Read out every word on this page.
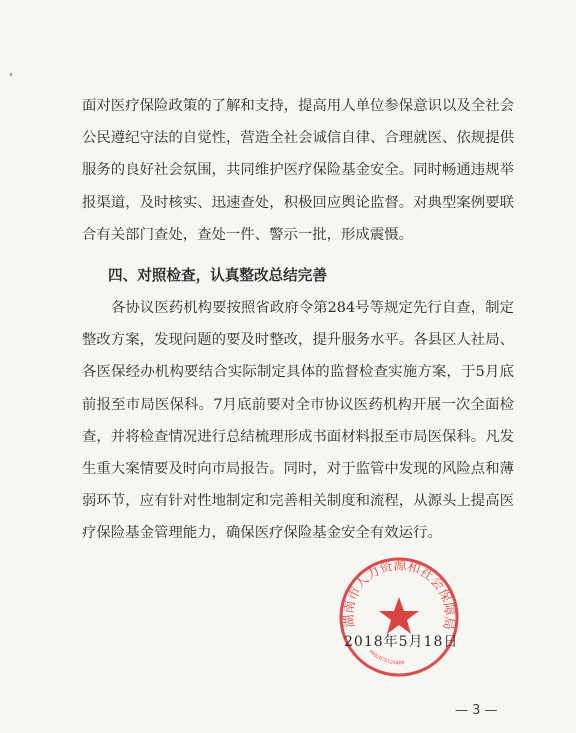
面对医疗保险政策的了解和支持，提高用人单位参保意识以及全社会公民遵纪守法的自觉性，营造全社会诚信自律、合理就医、依规提供服务的良好社会氛围，共同维护医疗保险基金安全。同时畅通违规举报渠道，及时核实、迅速查处，积极回应舆论监督。对典型案例要联合有关部门查处，查处一件、警示一批，形成震慑。
四、对照检查，认真整改总结完善
各协议医药机构要按照省政府令第284号等规定先行自查，制定整改方案，发现问题的要及时整改，提升服务水平。各县区人社局、各医保经办机构要结合实际制定具体的监督检查实施方案，于5月底前报至市局医保科。7月底前要对全市协议医药机构开展一次全面检查，并将检查情况进行总结梳理形成书面材料报至市局医保科。凡发生重大案情要及时向市局报告。同时，对于监管中发现的风险点和薄弱环节，应有针对性地制定和完善相关制度和流程，从源头上提高医疗保险基金管理能力，确保医疗保险基金安全有效运行。
湖南市人力资源和社会保障局
4602070124406
2018年5月18日
— 3 —
